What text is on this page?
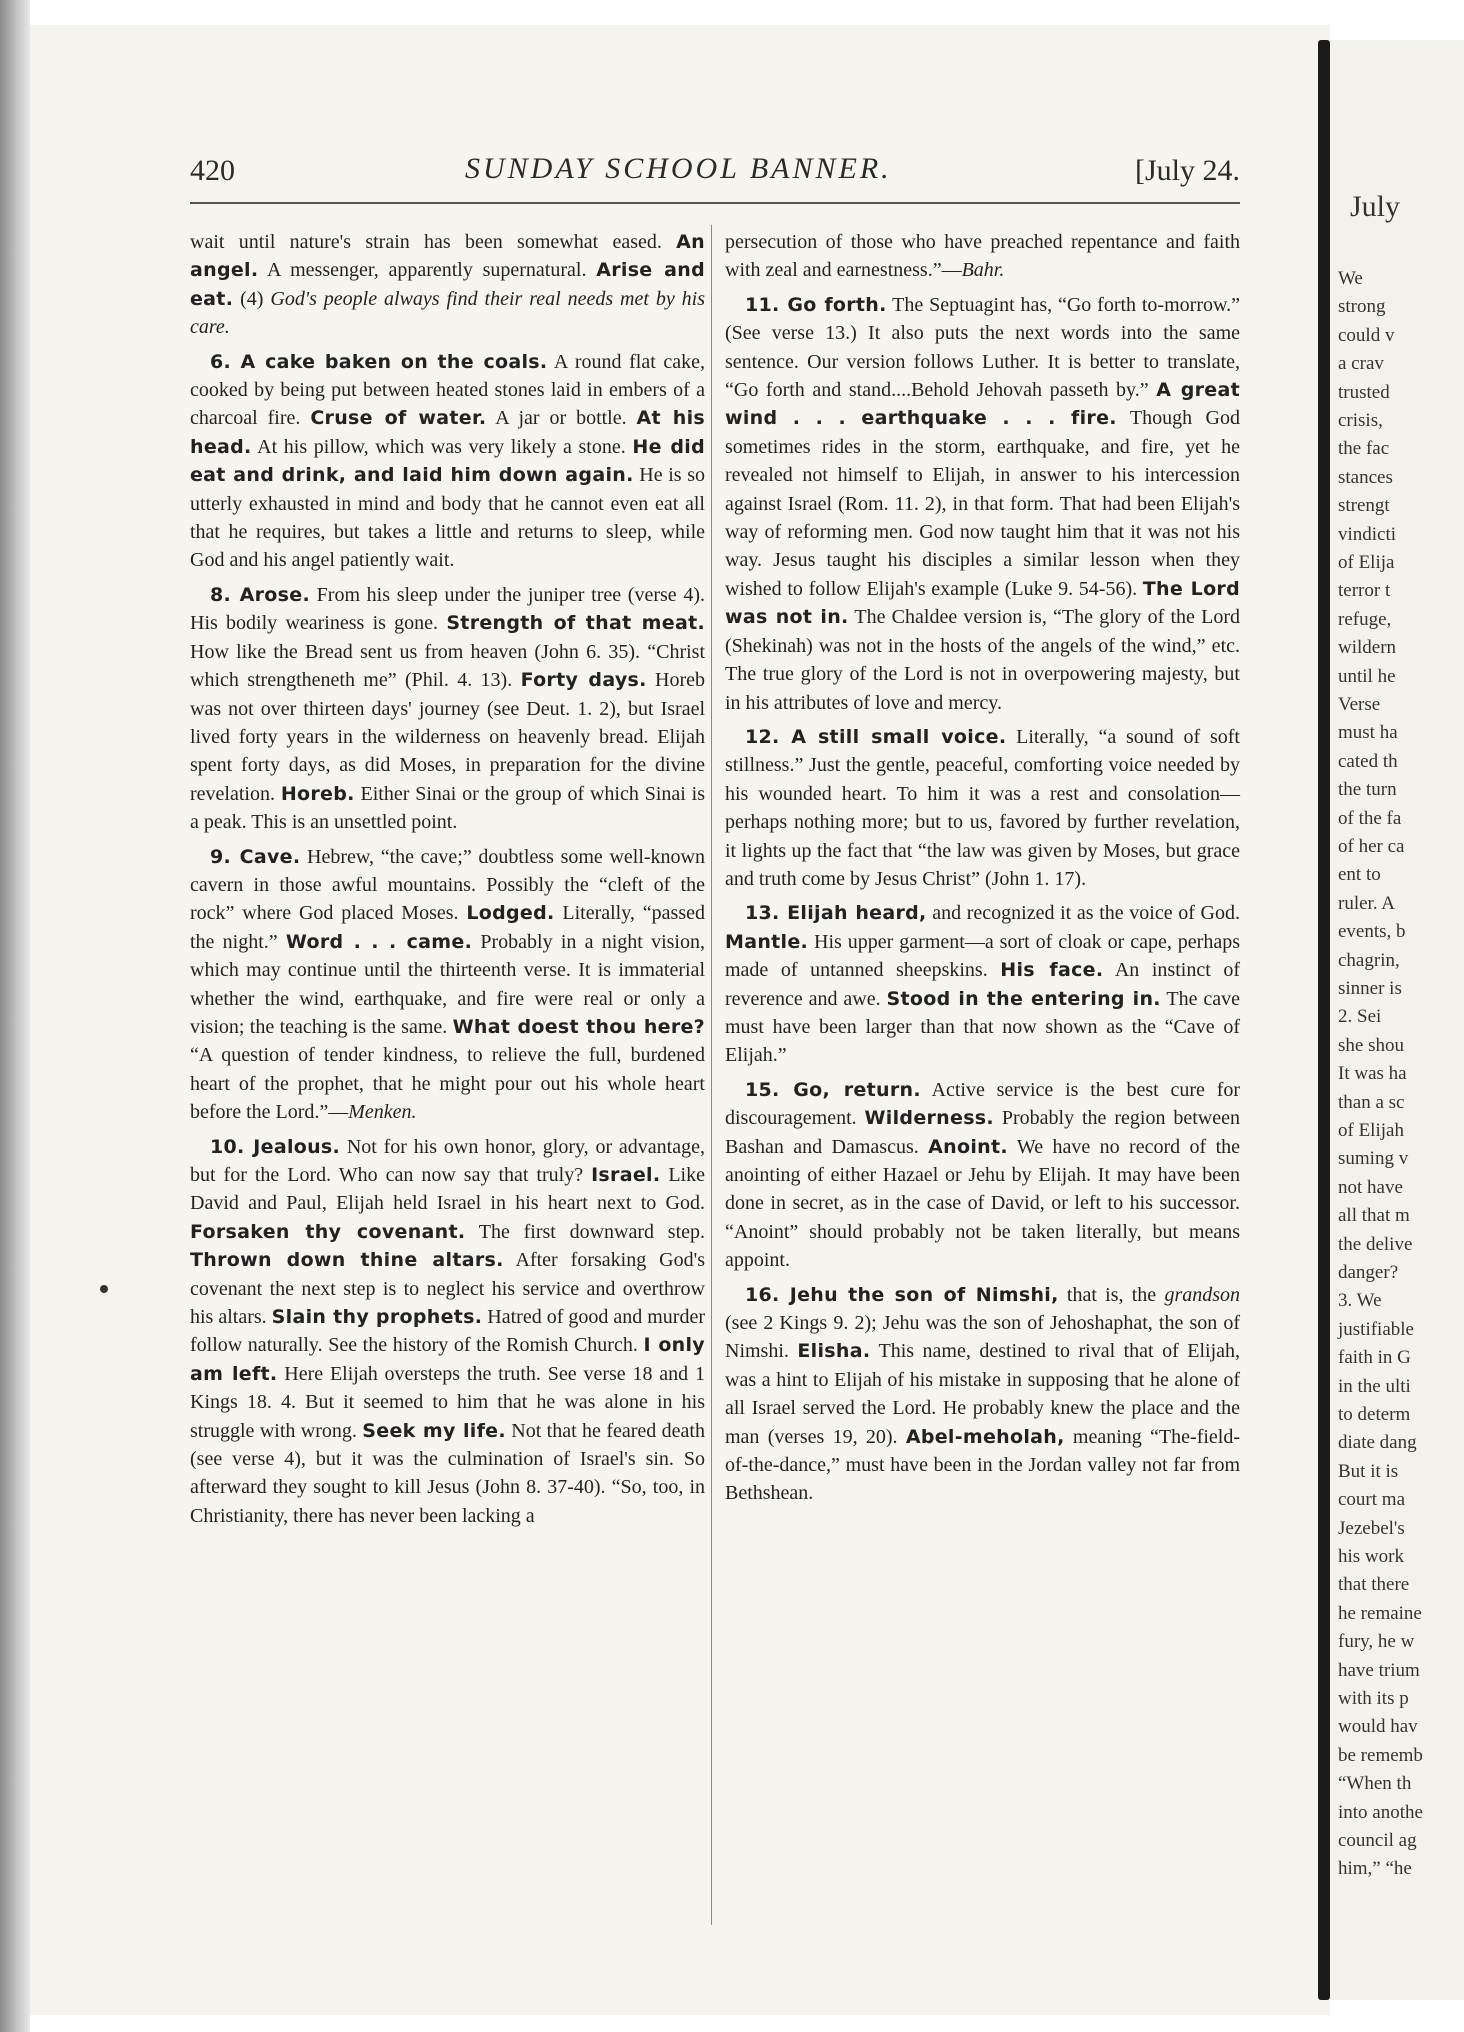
420	SUNDAY SCHOOL BANNER.	[July 24.

wait until nature's strain has been somewhat eased. An angel. A messenger, apparently supernatural. Arise and eat. (4) God's people always find their real needs met by his care.

6. A cake baken on the coals. A round flat cake, cooked by being put between heated stones laid in embers of a charcoal fire. Cruse of water. A jar or bottle. At his head. At his pillow, which was very likely a stone. He did eat and drink, and laid him down again. He is so utterly exhausted in mind and body that he cannot even eat all that he requires, but takes a little and returns to sleep, while God and his angel patiently wait.

8. Arose. From his sleep under the juniper tree (verse 4). His bodily weariness is gone. Strength of that meat. How like the Bread sent us from heaven (John 6. 35). “Christ which strengtheneth me” (Phil. 4. 13). Forty days. Horeb was not over thirteen days' journey (see Deut. 1. 2), but Israel lived forty years in the wilderness on heavenly bread. Elijah spent forty days, as did Moses, in preparation for the divine revelation. Horeb. Either Sinai or the group of which Sinai is a peak. This is an unsettled point.

9. Cave. Hebrew, “the cave;” doubtless some well-known cavern in those awful mountains. Possibly the “cleft of the rock” where God placed Moses. Lodged. Literally, “passed the night.” Word . . . came. Probably in a night vision, which may continue until the thirteenth verse. It is immaterial whether the wind, earthquake, and fire were real or only a vision; the teaching is the same. What doest thou here? “A question of tender kindness, to relieve the full, burdened heart of the prophet, that he might pour out his whole heart before the Lord.”—Menken.

10. Jealous. Not for his own honor, glory, or advantage, but for the Lord. Who can now say that truly? Israel. Like David and Paul, Elijah held Israel in his heart next to God. Forsaken thy covenant. The first downward step. Thrown down thine altars. After forsaking God's covenant the next step is to neglect his service and overthrow his altars. Slain thy prophets. Hatred of good and murder follow naturally. See the history of the Romish Church. I only am left. Here Elijah oversteps the truth. See verse 18 and 1 Kings 18. 4. But it seemed to him that he was alone in his struggle with wrong. Seek my life. Not that he feared death (see verse 4), but it was the culmination of Israel's sin. So afterward they sought to kill Jesus (John 8. 37-40). “So, too, in Christianity, there has never been lacking a

persecution of those who have preached repentance and faith with zeal and earnestness.”—Bahr.

11. Go forth. The Septuagint has, “Go forth to-morrow.” (See verse 13.) It also puts the next words into the same sentence. Our version follows Luther. It is better to translate, “Go forth and stand....Behold Jehovah passeth by.” A great wind . . . earthquake . . . fire. Though God sometimes rides in the storm, earthquake, and fire, yet he revealed not himself to Elijah, in answer to his intercession against Israel (Rom. 11. 2), in that form. That had been Elijah's way of reforming men. God now taught him that it was not his way. Jesus taught his disciples a similar lesson when they wished to follow Elijah's example (Luke 9. 54-56). The Lord was not in. The Chaldee version is, “The glory of the Lord (Shekinah) was not in the hosts of the angels of the wind,” etc. The true glory of the Lord is not in overpowering majesty, but in his attributes of love and mercy.

12. A still small voice. Literally, “a sound of soft stillness.” Just the gentle, peaceful, comforting voice needed by his wounded heart. To him it was a rest and consolation—perhaps nothing more; but to us, favored by further revelation, it lights up the fact that “the law was given by Moses, but grace and truth come by Jesus Christ” (John 1. 17).

13. Elijah heard, and recognized it as the voice of God. Mantle. His upper garment—a sort of cloak or cape, perhaps made of untanned sheepskins. His face. An instinct of reverence and awe. Stood in the entering in. The cave must have been larger than that now shown as the “Cave of Elijah.”

15. Go, return. Active service is the best cure for discouragement. Wilderness. Probably the region between Bashan and Damascus. Anoint. We have no record of the anointing of either Hazael or Jehu by Elijah. It may have been done in secret, as in the case of David, or left to his successor. “Anoint” should probably not be taken literally, but means appoint.

16. Jehu the son of Nimshi, that is, the grandson (see 2 Kings 9. 2); Jehu was the son of Jehoshaphat, the son of Nimshi. Elisha. This name, destined to rival that of Elijah, was a hint to Elijah of his mistake in supposing that he alone of all Israel served the Lord. He probably knew the place and the man (verses 19, 20). Abel-meholah, meaning “The-field-of-the-dance,” must have been in the Jordan valley not far from Bethshean.

July
We
strong
could v
a crav
trusted
crisis,
the fac
stances
strengt
vindicti
of Elija
terror t
refuge,
wildern
until he
Verse
must ha
cated th
the turn
of the fa
of her ca
ent to
ruler. A
events, b
chagrin,
sinner is
2. Sei
she shou
It was ha
than a sc
of Elijah
suming v
not have
all that m
the delive
danger?
3. We
justifiable
faith in G
in the ulti
to determ
diate dang
But it is
court ma
Jezebel's
his work
that there
he remaine
fury, he w
have trium
with its p
would hav
be rememb
“When th
into anothe
council ag
him,” “he
